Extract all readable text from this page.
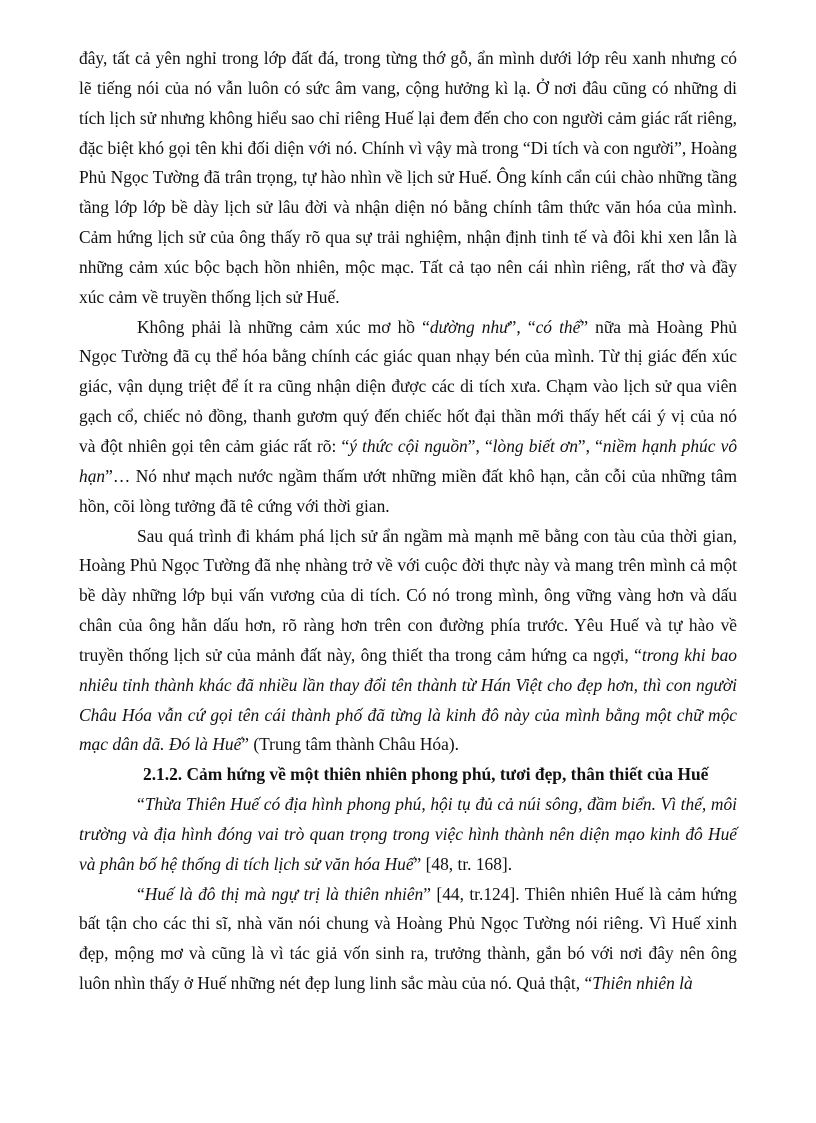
đây, tất cả yên nghỉ trong lớp đất đá, trong từng thớ gỗ, ẩn mình dưới lớp rêu xanh nhưng có lẽ tiếng nói của nó vẫn luôn có sức âm vang, cộng hưởng kì lạ. Ở nơi đâu cũng có những di tích lịch sử nhưng không hiểu sao chỉ riêng Huế lại đem đến cho con người cảm giác rất riêng, đặc biệt khó gọi tên khi đối diện với nó. Chính vì vậy mà trong “Di tích và con người”, Hoàng Phủ Ngọc Tường đã trân trọng, tự hào nhìn về lịch sử Huế. Ông kính cẩn cúi chào những tầng tầng lớp lớp bề dày lịch sử lâu đời và nhận diện nó bằng chính tâm thức văn hóa của mình. Cảm hứng lịch sử của ông thấy rõ qua sự trải nghiệm, nhận định tinh tế và đôi khi xen lẫn là những cảm xúc bộc bạch hồn nhiên, mộc mạc. Tất cả tạo nên cái nhìn riêng, rất thơ và đầy xúc cảm về truyền thống lịch sử Huế.

Không phải là những cảm xúc mơ hồ “dường như”, “có thể” nữa mà Hoàng Phủ Ngọc Tường đã cụ thể hóa bằng chính các giác quan nhạy bén của mình. Từ thị giác đến xúc giác, vận dụng triệt để ít ra cũng nhận diện được các di tích xưa. Chạm vào lịch sử qua viên gạch cổ, chiếc nỏ đồng, thanh gươm quý đến chiếc hốt đại thần mới thấy hết cái ý vị của nó và đột nhiên gọi tên cảm giác rất rõ: “ý thức cội nguồn”, “lòng biết ơn”, “niềm hạnh phúc vô hạn”… Nó như mạch nước ngầm thấm ướt những miền đất khô hạn, cằn cỗi của những tâm hồn, cõi lòng tưởng đã tê cứng với thời gian.

Sau quá trình đi khám phá lịch sử ẩn ngầm mà mạnh mẽ bằng con tàu của thời gian, Hoàng Phủ Ngọc Tường đã nhẹ nhàng trở về với cuộc đời thực này và mang trên mình cả một bề dày những lớp bụi vấn vương của di tích. Có nó trong mình, ông vững vàng hơn và dấu chân của ông hằn dấu hơn, rõ ràng hơn trên con đường phía trước. Yêu Huế và tự hào về truyền thống lịch sử của mảnh đất này, ông thiết tha trong cảm hứng ca ngợi, “trong khi bao nhiêu tỉnh thành khác đã nhiều lần thay đổi tên thành từ Hán Việt cho đẹp hơn, thì con người Châu Hóa vẫn cứ gọi tên cái thành phố đã từng là kinh đô này của mình bằng một chữ mộc mạc dân dã. Đó là Huế” (Trung tâm thành Châu Hóa).

2.1.2. Cảm hứng về một thiên nhiên phong phú, tươi đẹp, thân thiết của Huế

“Thừa Thiên Huế có địa hình phong phú, hội tụ đủ cả núi sông, đầm biển. Vì thế, môi trường và địa hình đóng vai trò quan trọng trong việc hình thành nên diện mạo kinh đô Huế và phân bố hệ thống di tích lịch sử văn hóa Huế” [48, tr. 168].

“Huế là đô thị mà ngự trị là thiên nhiên” [44, tr.124]. Thiên nhiên Huế là cảm hứng bất tận cho các thi sĩ, nhà văn nói chung và Hoàng Phủ Ngọc Tường nói riêng. Vì Huế xinh đẹp, mộng mơ và cũng là vì tác giả vốn sinh ra, trưởng thành, gắn bó với nơi đây nên ông luôn nhìn thấy ở Huế những nét đẹp lung linh sắc màu của nó. Quả thật, “Thiên nhiên là
